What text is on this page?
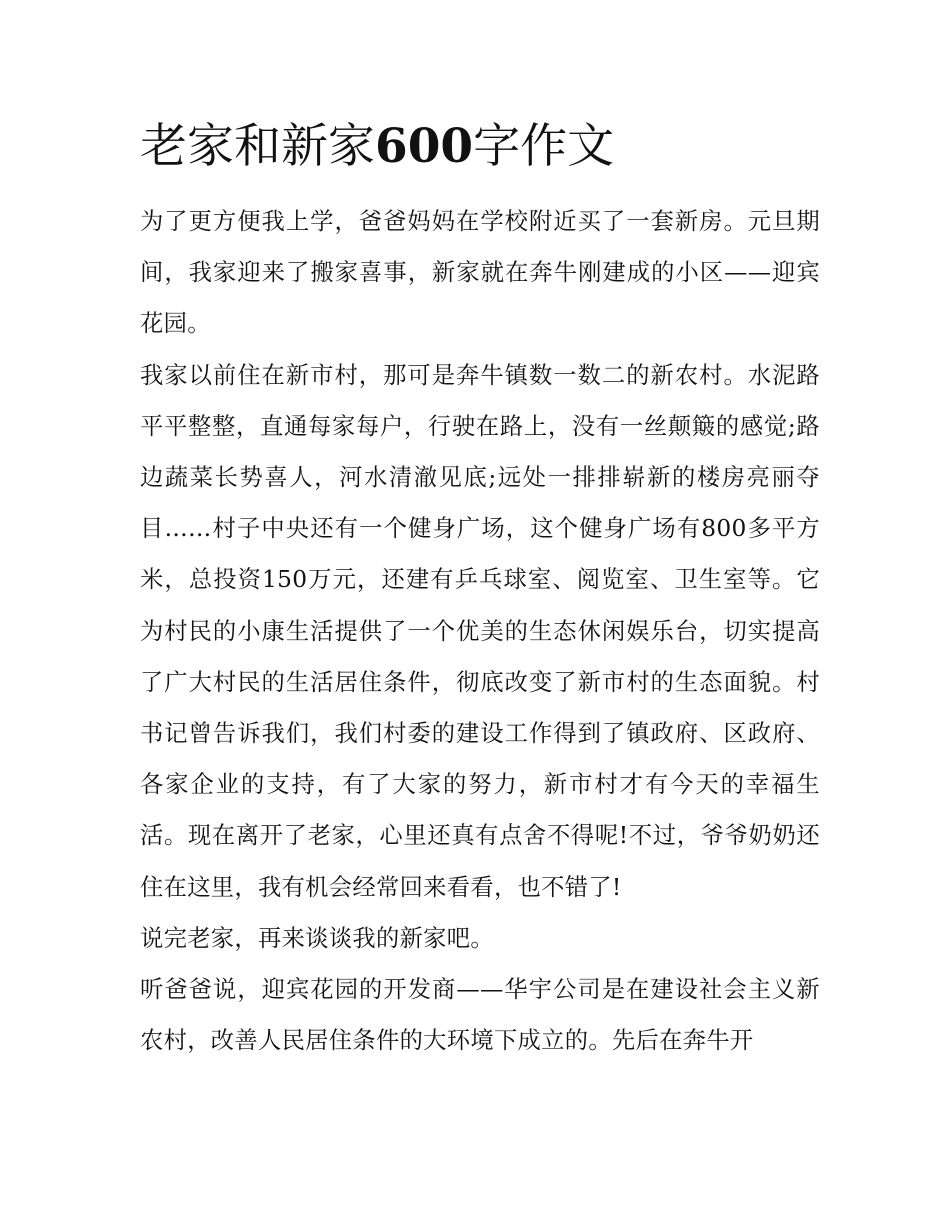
老家和新家600字作文

为了更方便我上学，爸爸妈妈在学校附近买了一套新房。元旦期间，我家迎来了搬家喜事，新家就在奔牛刚建成的小区——迎宾花园。

我家以前住在新市村，那可是奔牛镇数一数二的新农村。水泥路平平整整，直通每家每户，行驶在路上，没有一丝颠簸的感觉;路边蔬菜长势喜人，河水清澈见底;远处一排排崭新的楼房亮丽夺目……村子中央还有一个健身广场，这个健身广场有800多平方米，总投资150万元，还建有乒乓球室、阅览室、卫生室等。它为村民的小康生活提供了一个优美的生态休闲娱乐台，切实提高了广大村民的生活居住条件，彻底改变了新市村的生态面貌。村书记曾告诉我们，我们村委的建设工作得到了镇政府、区政府、各家企业的支持，有了大家的努力，新市村才有今天的幸福生活。现在离开了老家，心里还真有点舍不得呢!不过，爷爷奶奶还住在这里，我有机会经常回来看看，也不错了!

说完老家，再来谈谈我的新家吧。

听爸爸说，迎宾花园的开发商——华宇公司是在建设社会主义新农村，改善人民居住条件的大环境下成立的。先后在奔牛开
